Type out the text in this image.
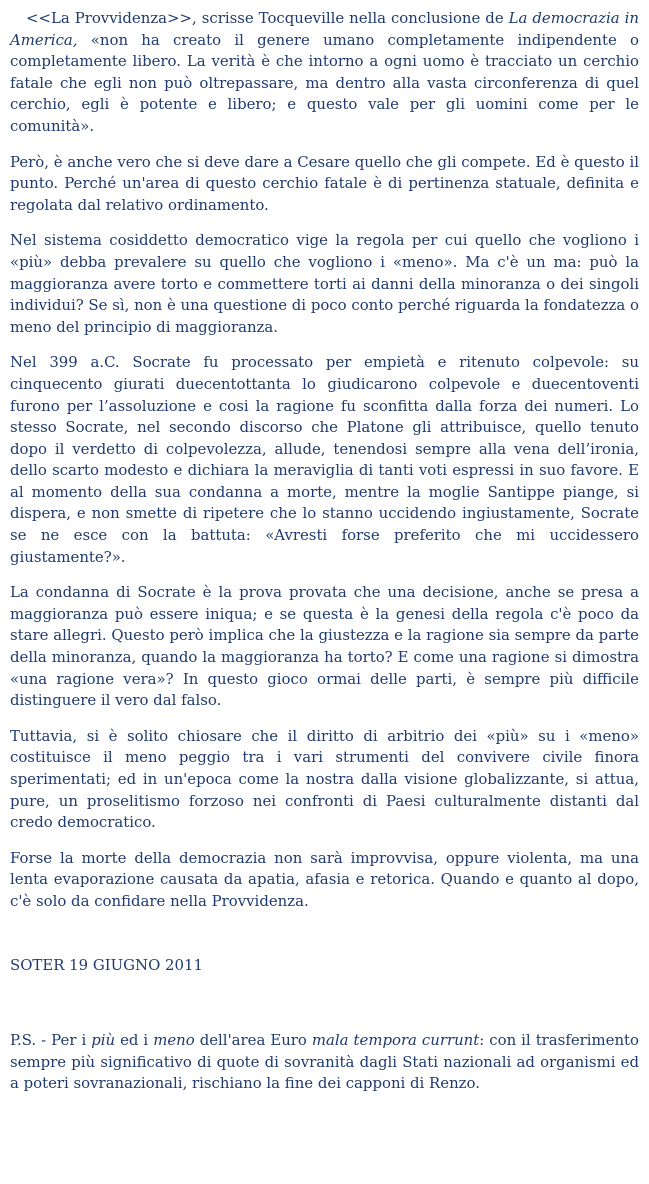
<<La Provvidenza>>, scrisse Tocqueville nella conclusione de La democrazia in America, «non ha creato il genere umano completamente indipendente o completamente libero. La verità è che intorno a ogni uomo è tracciato un cerchio fatale che egli non può oltrepassare, ma dentro alla vasta circonferenza di quel cerchio, egli è potente e libero; e questo vale per gli uomini come per le comunità».

Però, è anche vero che si deve dare a Cesare quello che gli compete. Ed è questo il punto. Perché un'area di questo cerchio fatale è di pertinenza statuale, definita e regolata dal relativo ordinamento.

Nel sistema cosiddetto democratico vige la regola per cui quello che vogliono i «più» debba prevalere su quello che vogliono i «meno». Ma c'è un ma: può la maggioranza avere torto e commettere torti ai danni della minoranza o dei singoli individui? Se sì, non è una questione di poco conto perché riguarda la fondatezza o meno del principio di maggioranza.

Nel 399 a.C. Socrate fu processato per empietà e ritenuto colpevole: su cinquecento giurati duecentottanta lo giudicarono colpevole e duecentoventi furono per l’assoluzione e cosi la ragione fu sconfitta dalla forza dei numeri. Lo stesso Socrate, nel secondo discorso che Platone gli attribuisce, quello tenuto dopo il verdetto di colpevolezza, allude, tenendosi sempre alla vena dell’ironia, dello scarto modesto e dichiara la meraviglia di tanti voti espressi in suo favore. E al momento della sua condanna a morte, mentre la moglie Santippe piange, si dispera, e non smette di ripetere che lo stanno uccidendo ingiustamente, Socrate se ne esce con la battuta: «Avresti forse preferito che mi uccidessero giustamente?».

La condanna di Socrate è la prova provata che una decisione, anche se presa a maggioranza può essere iniqua; e se questa è la genesi della regola c'è poco da stare allegri. Questo però implica che la giustezza e la ragione sia sempre da parte della minoranza, quando la maggioranza ha torto? E come una ragione si dimostra «una ragione vera»? In questo gioco ormai delle parti, è sempre più difficile distinguere il vero dal falso.

Tuttavia, si è solito chiosare che il diritto di arbitrio dei «più» su i «meno» costituisce il meno peggio tra i vari strumenti del convivere civile finora sperimentati; ed in un'epoca come la nostra dalla visione globalizzante, si attua, pure, un proselitismo forzoso nei confronti di Paesi culturalmente distanti dal credo democratico.

Forse la morte della democrazia non sarà improvvisa, oppure violenta, ma una lenta evaporazione causata da apatia, afasia e retorica. Quando e quanto al dopo, c'è solo da confidare nella Provvidenza.

SOTER 19 GIUGNO 2011

P.S. - Per i più ed i meno dell'area Euro mala tempora currunt: con il trasferimento sempre più significativo di quote di sovranità dagli Stati nazionali ad organismi ed a poteri sovranazionali, rischiano la fine dei capponi di Renzo.
